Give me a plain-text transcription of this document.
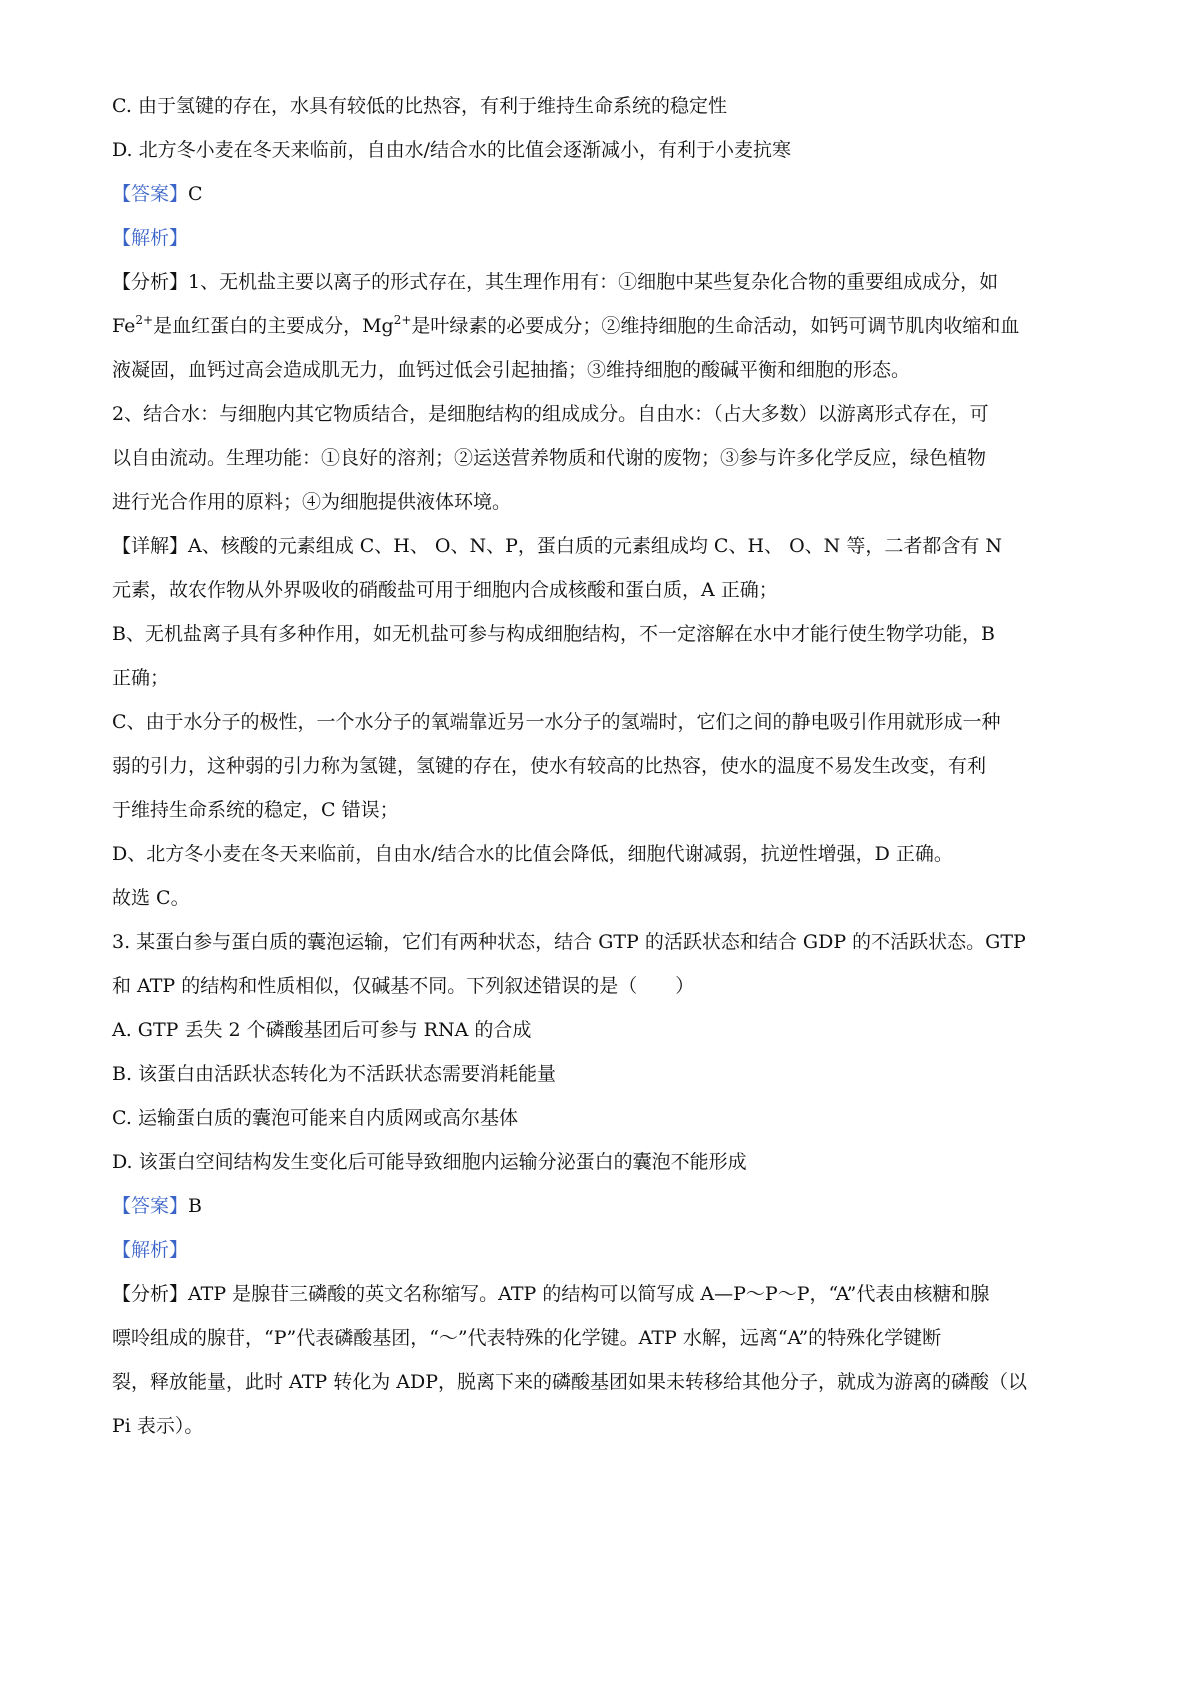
C. 由于氢键的存在，水具有较低的比热容，有利于维持生命系统的稳定性
D. 北方冬小麦在冬天来临前，自由水/结合水的比值会逐渐减小，有利于小麦抗寒
【答案】C
【解析】
【分析】1、无机盐主要以离子的形式存在，其生理作用有：①细胞中某些复杂化合物的重要组成成分，如
$Fe^{2+}$是血红蛋白的主要成分，$Mg^{2+}$是叶绿素的必要成分；②维持细胞的生命活动，如钙可调节肌肉收缩和血
液凝固，血钙过高会造成肌无力，血钙过低会引起抽搐；③维持细胞的酸碱平衡和细胞的形态。
2、结合水：与细胞内其它物质结合，是细胞结构的组成成分。自由水：（占大多数）以游离形式存在，可
以自由流动。生理功能：①良好的溶剂；②运送营养物质和代谢的废物；③参与许多化学反应，绿色植物
进行光合作用的原料；④为细胞提供液体环境。
【详解】A、核酸的元素组成 C、H、 O、N、P，蛋白质的元素组成均 C、H、 O、N 等，二者都含有 N
元素，故农作物从外界吸收的硝酸盐可用于细胞内合成核酸和蛋白质，A 正确；
B、无机盐离子具有多种作用，如无机盐可参与构成细胞结构，不一定溶解在水中才能行使生物学功能，B
正确；
C、由于水分子的极性，一个水分子的氧端靠近另一水分子的氢端时，它们之间的静电吸引作用就形成一种
弱的引力，这种弱的引力称为氢键，氢键的存在，使水有较高的比热容，使水的温度不易发生改变，有利
于维持生命系统的稳定，C 错误；
D、北方冬小麦在冬天来临前，自由水/结合水的比值会降低，细胞代谢减弱，抗逆性增强，D 正确。
故选 C。
3. 某蛋白参与蛋白质的囊泡运输，它们有两种状态，结合 GTP 的活跃状态和结合 GDP 的不活跃状态。GTP
和 ATP 的结构和性质相似，仅碱基不同。下列叙述错误的是（　　）
A. GTP 丢失 2 个磷酸基团后可参与 RNA 的合成
B. 该蛋白由活跃状态转化为不活跃状态需要消耗能量
C. 运输蛋白质的囊泡可能来自内质网或高尔基体
D. 该蛋白空间结构发生变化后可能导致细胞内运输分泌蛋白的囊泡不能形成
【答案】B
【解析】
【分析】ATP 是腺苷三磷酸的英文名称缩写。ATP 的结构可以简写成 A—P～P～P，“A”代表由核糖和腺
嘌呤组成的腺苷，“P”代表磷酸基团，“～”代表特殊的化学键。ATP 水解，远离“A”的特殊化学键断
裂，释放能量，此时 ATP 转化为 ADP，脱离下来的磷酸基团如果未转移给其他分子，就成为游离的磷酸（以
Pi 表示）。
